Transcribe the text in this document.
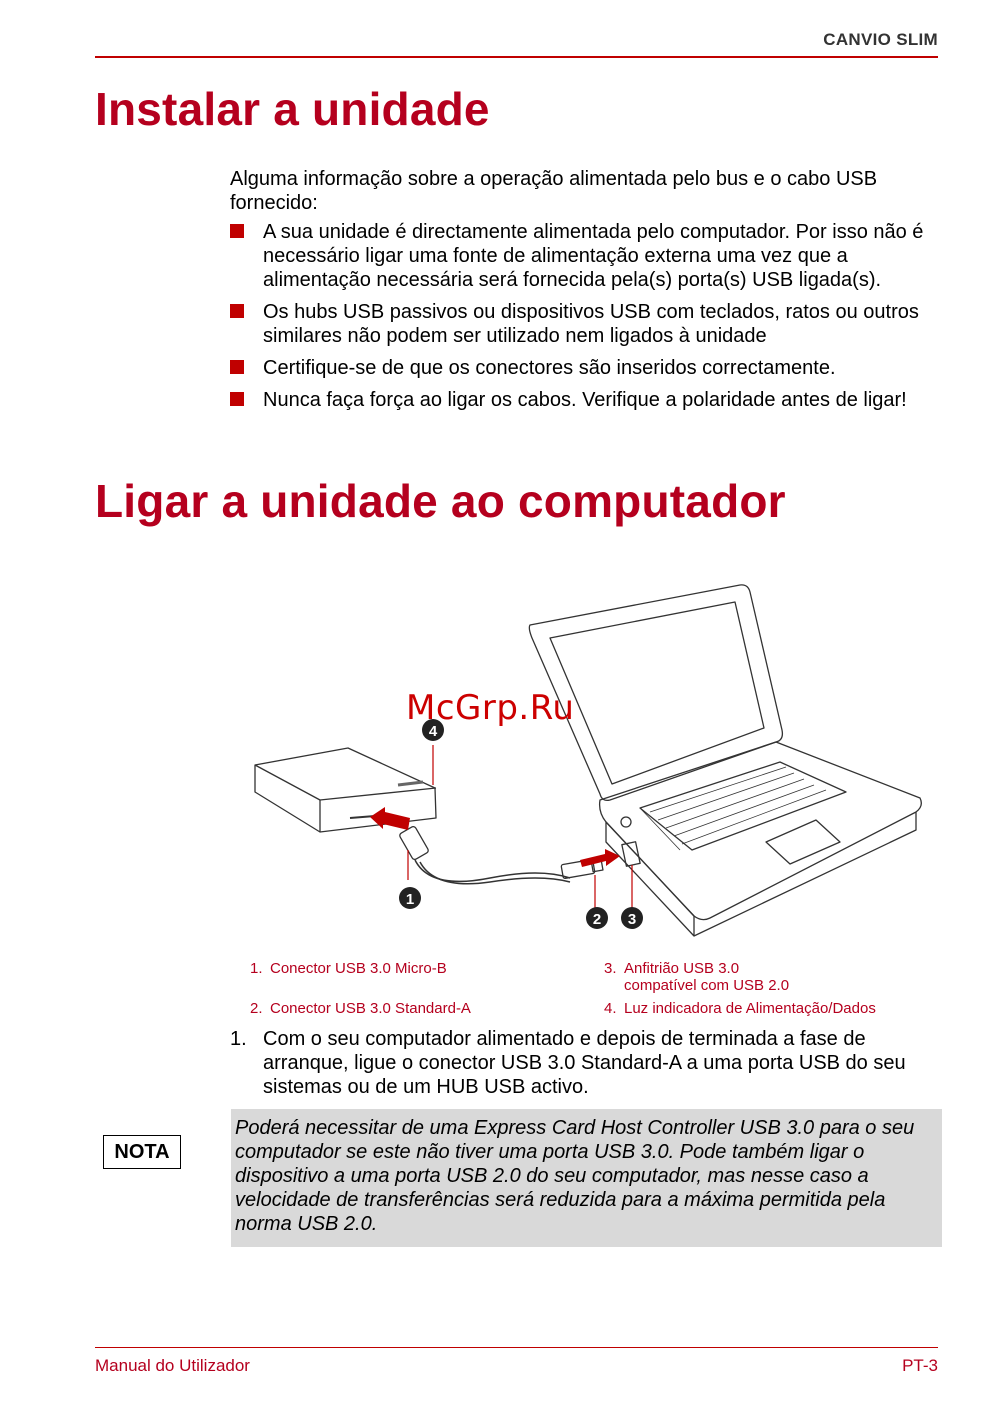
CANVIO SLIM
Instalar a unidade
Alguma informação sobre a operação alimentada pelo bus e o cabo USB fornecido:
A sua unidade é directamente alimentada pelo computador. Por isso não é necessário ligar uma fonte de alimentação externa uma vez que a alimentação necessária será fornecida pela(s) porta(s) USB ligada(s).
Os hubs USB passivos ou dispositivos USB com teclados, ratos ou outros similares não podem ser utilizado nem ligados à unidade
Certifique-se de que os conectores são inseridos correctamente.
Nunca faça força ao ligar os cabos. Verifique a polaridade antes de ligar!
Ligar a unidade ao computador
1
2 3
4
McGrp.Ru
1. Conector USB 3.0 Micro-B
2. Conector USB 3.0 Standard-A
3. Anfitrião USB 3.0
compatível com USB 2.0
4. Luz indicadora de Alimentação/Dados
1. Com o seu computador alimentado e depois de terminada a fase de arranque, ligue o conector USB 3.0 Standard-A a uma porta USB do seu sistemas ou de um HUB USB activo.
NOTA
Poderá necessitar de uma Express Card Host Controller USB 3.0 para o seu computador se este não tiver uma porta USB 3.0. Pode também ligar o dispositivo a uma porta USB 2.0 do seu computador, mas nesse caso a velocidade de transferências será reduzida para a máxima permitida pela norma USB 2.0.
Manual do Utilizador	PT-3
